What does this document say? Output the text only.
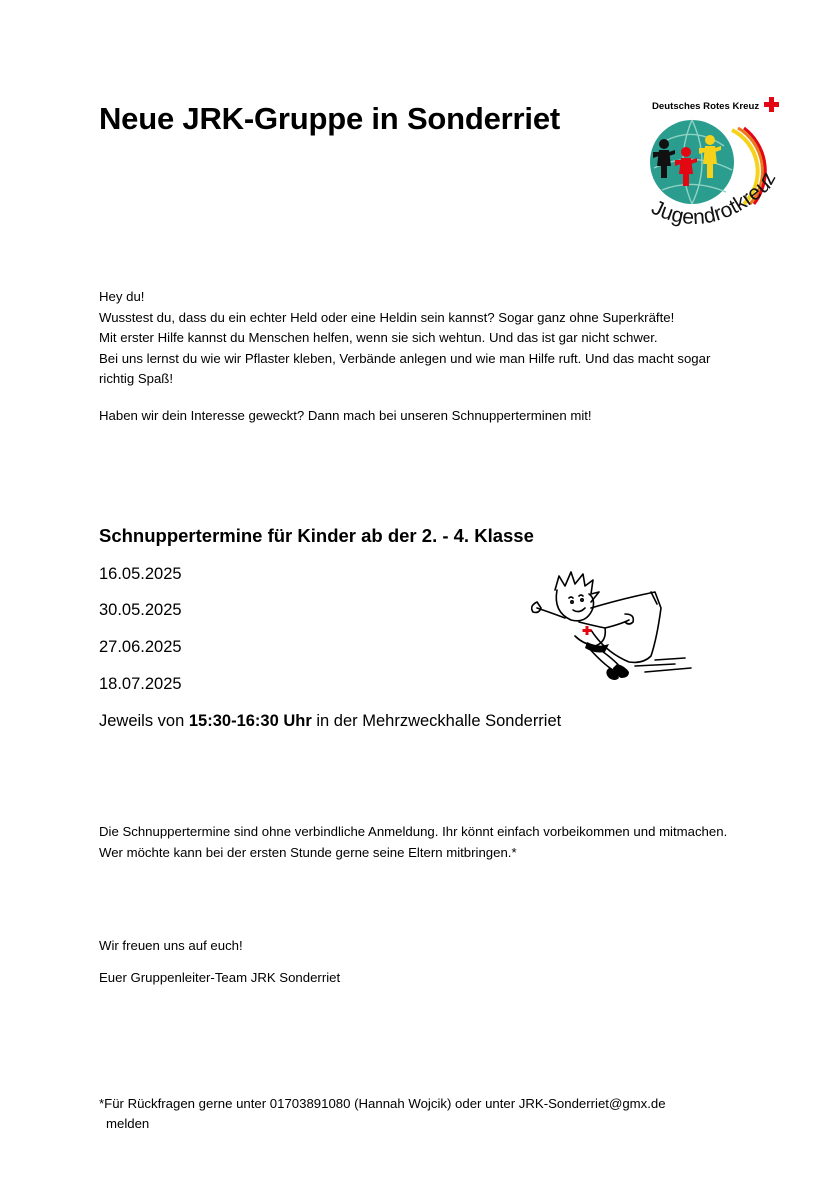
Neue JRK-Gruppe in Sonderriet	Deutsches Rotes Kreuz
Jugendrotkreuz
Hey du!
Wusstest du, dass du ein echter Held oder eine Heldin sein kannst? Sogar ganz ohne Superkräfte!
Mit erster Hilfe kannst du Menschen helfen, wenn sie sich wehtun. Und das ist gar nicht schwer.
Bei uns lernst du wie wir Pflaster kleben, Verbände anlegen und wie man Hilfe ruft. Und das macht sogar richtig Spaß!
Haben wir dein Interesse geweckt? Dann mach bei unseren Schnupperterminen mit!
Schnuppertermine für Kinder ab der 2. - 4. Klasse
16.05.2025
30.05.2025
27.06.2025
18.07.2025
Jeweils von 15:30-16:30 Uhr in der Mehrzweckhalle Sonderriet
Die Schnuppertermine sind ohne verbindliche Anmeldung. Ihr könnt einfach vorbeikommen und mitmachen. Wer möchte kann bei der ersten Stunde gerne seine Eltern mitbringen.*
Wir freuen uns auf euch!
Euer Gruppenleiter-Team JRK Sonderriet
*Für Rückfragen gerne unter 01703891080 (Hannah Wojcik) oder unter JRK-Sonderriet@gmx.de
melden
